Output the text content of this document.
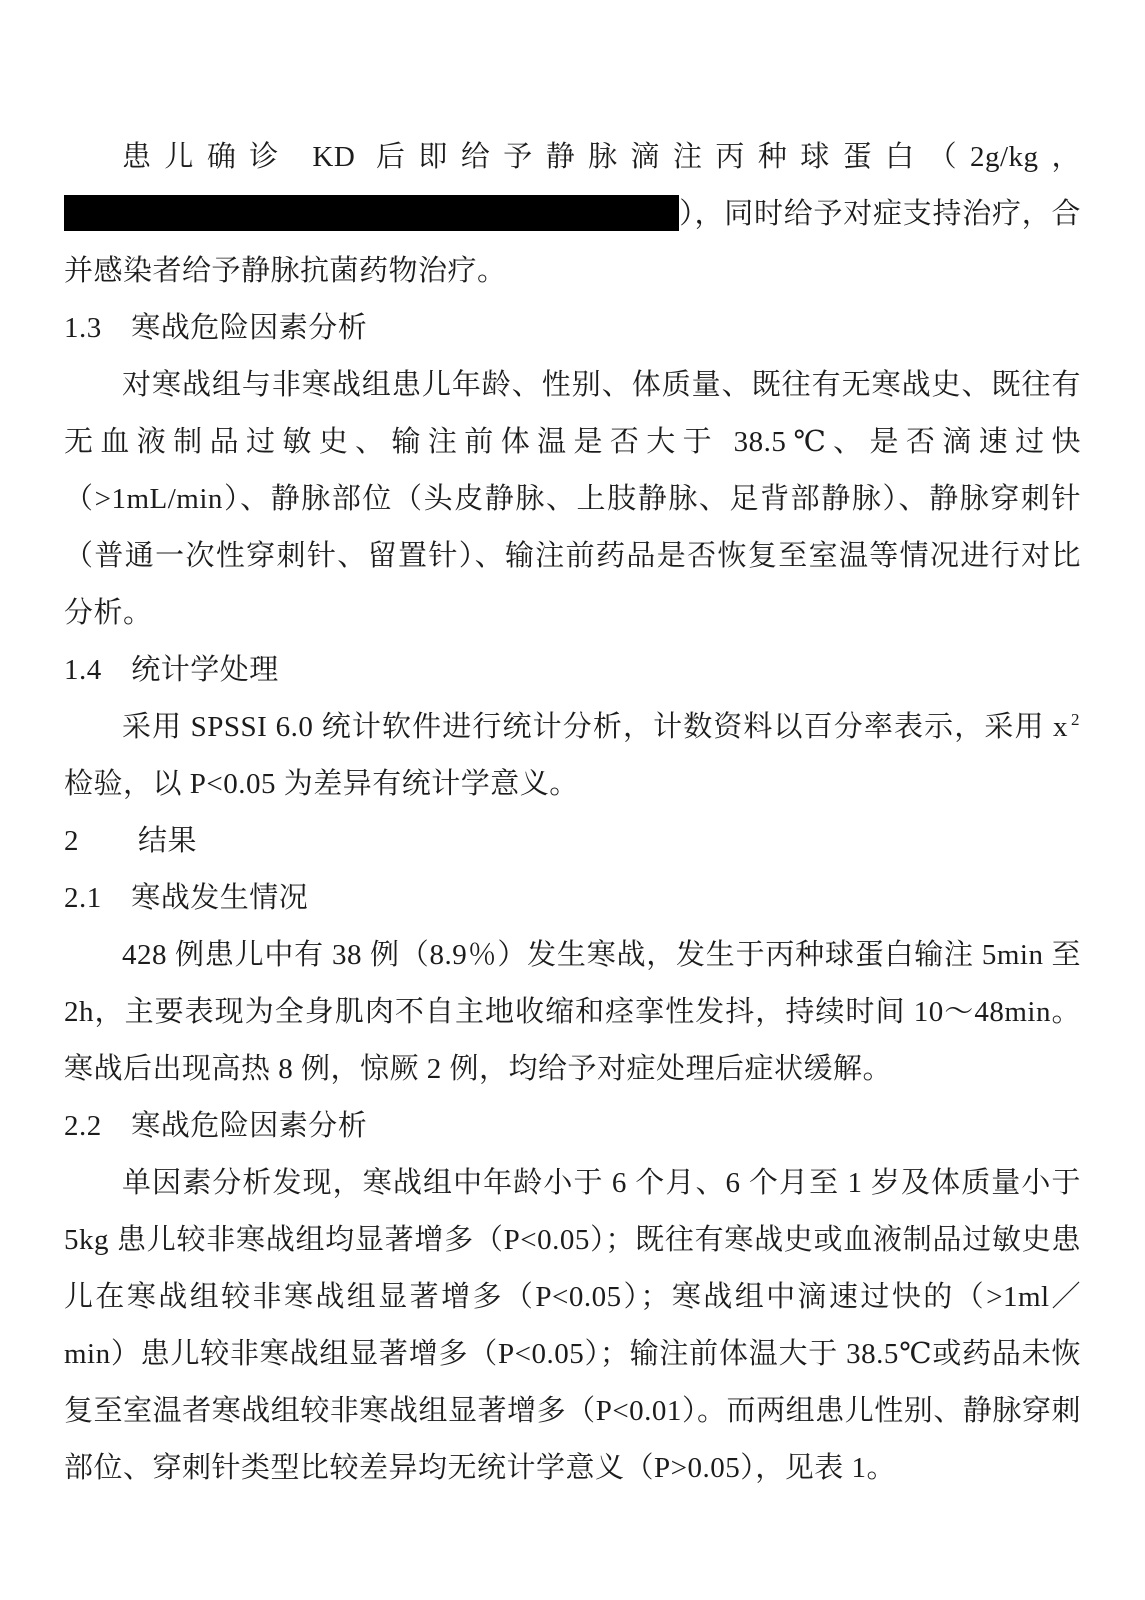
患儿确诊 KD 后即给予静脉滴注丙种球蛋白（2g/kg，），同时给予对症支持治疗，合并感染者给予静脉抗菌药物治疗。

1.3　寒战危险因素分析

对寒战组与非寒战组患儿年龄、性别、体质量、既往有无寒战史、既往有无血液制品过敏史、输注前体温是否大于 38.5℃、是否滴速过快（>1mL/min）、静脉部位（头皮静脉、上肢静脉、足背部静脉）、静脉穿刺针（普通一次性穿刺针、留置针）、输注前药品是否恢复至室温等情况进行对比分析。

1.4　统计学处理

采用 SPSSI 6.0 统计软件进行统计分析，计数资料以百分率表示，采用 x $^2$检验，以 P<0.05 为差异有统计学意义。

2　　结果

2.1　寒战发生情况

428 例患儿中有 38 例（8.9％）发生寒战，发生于丙种球蛋白输注 5min 至 2h，主要表现为全身肌肉不自主地收缩和痉挛性发抖，持续时间 10～48min。寒战后出现高热 8 例，惊厥 2 例，均给予对症处理后症状缓解。

2.2　寒战危险因素分析

单因素分析发现，寒战组中年龄小于 6 个月、6 个月至 1 岁及体质量小于 5kg 患儿较非寒战组均显著增多（P<0.05）；既往有寒战史或血液制品过敏史患儿在寒战组较非寒战组显著增多（P<0.05）；寒战组中滴速过快的（>1ml／min）患儿较非寒战组显著增多（P<0.05）；输注前体温大于 38.5℃或药品未恢复至室温者寒战组较非寒战组显著增多（P<0.01）。而两组患儿性别、静脉穿刺部位、穿刺针类型比较差异均无统计学意义（P>0.05），见表 1。
